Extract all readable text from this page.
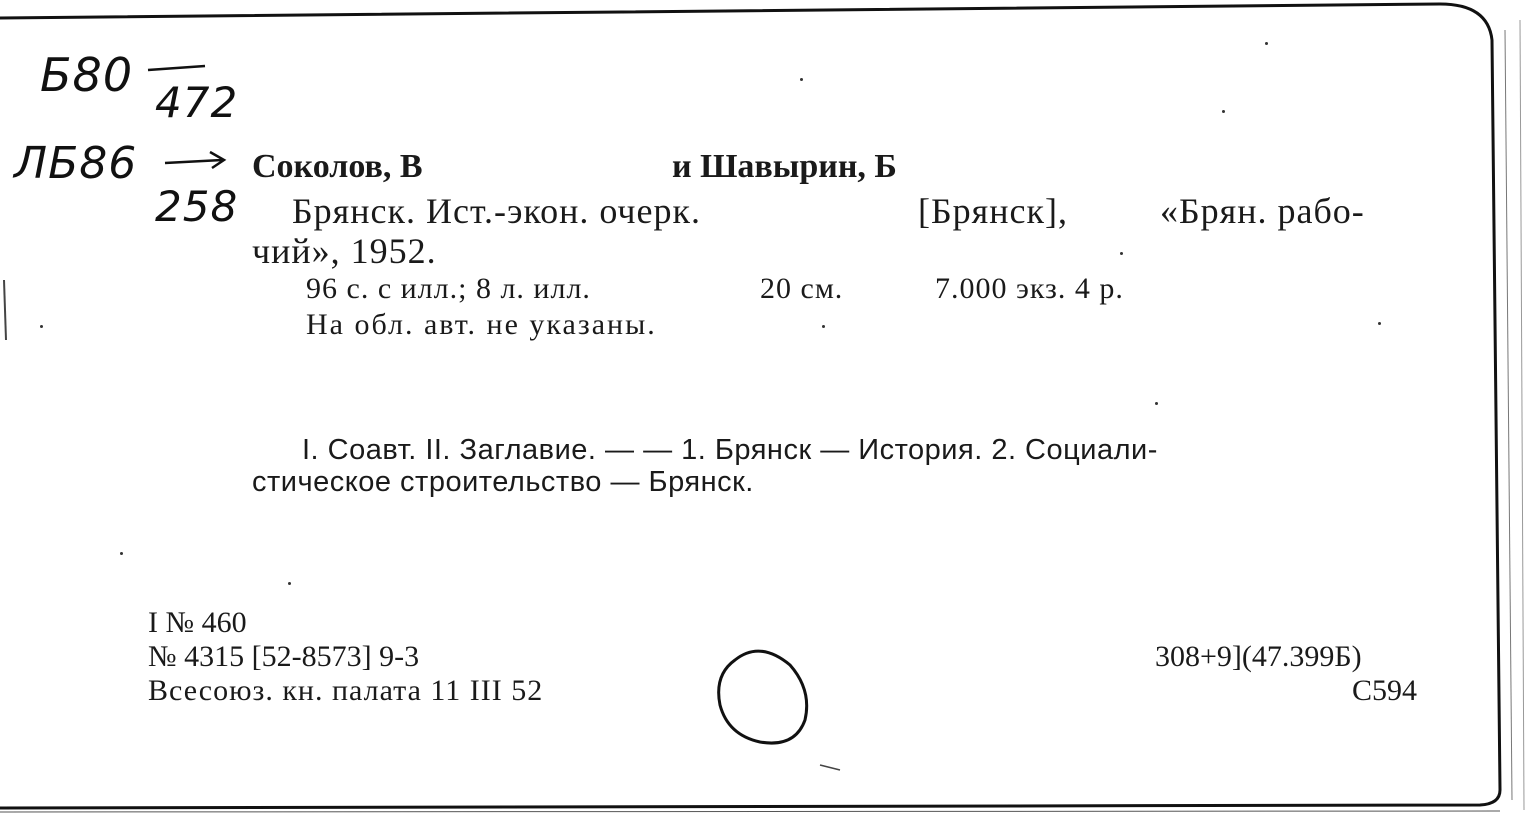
Б80
472
ЛБ86
258
Соколов, В	и Шавырин, Б
Брянск. Ист.-экон. очерк.	[Брянск],	«Брян. рабо-
чий», 1952.
96 с. с илл.; 8 л. илл.	20 см.	7.000 экз. 4 р.
На обл. авт. не указаны.
I. Соавт. II. Заглавие. — — 1. Брянск — История. 2. Социали-
стическое строительство — Брянск.
I № 460
№ 4315 [52-8573] 9-3
Всесоюз. кн. палата 11 III 52
308+9](47.399Б)
С594
